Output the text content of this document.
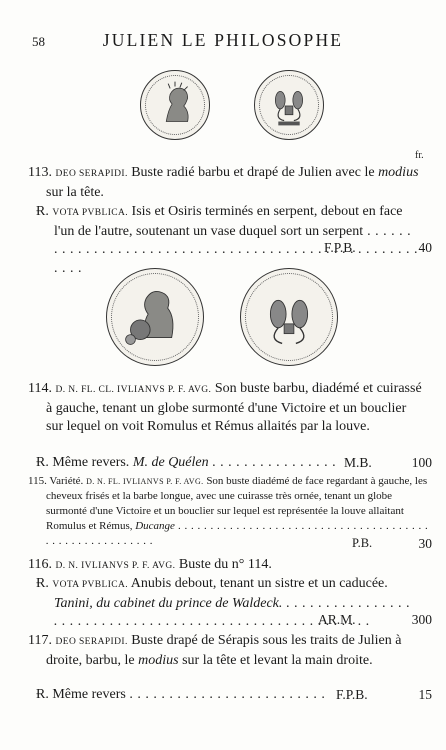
58	JULIEN LE PHILOSOPHE
fr.
113. DEO SERAPIDI. Buste radié barbu et drapé de Julien avec le modius sur la tête.
Ɍ. VOTA PVBLICA. Isis et Osiris terminés en serpent, debout en face l'un de l'autre, soutenant un vase duquel sort un serpent . . .
F.P.B.	40
114. D. N. FL. CL. IVLIANVS P. F. AVG. Son buste barbu, diadémé et cuirassé à gauche, tenant un globe surmonté d'une Victoire et un bouclier sur lequel on voit Romulus et Rémus allaités par la louve.
Ɍ. Même revers. M. de Quélen . . .	M.B.	100
115. Variété. D. N. FL. IVLIANVS P. F. AVG. Son buste diadémé de face regardant à gauche, les cheveux frisés et la barbe longue, avec une cuirasse très ornée, tenant un globe surmonté d'une Victoire et un bouclier sur lequel est représentée la louve allaitant Romulus et Rémus, Ducange . . .
P.B.	30
116. D. N. IVLIANVS P. F. AVG. Buste du n° 114.
Ɍ. VOTA PVBLICA. Anubis debout, tenant un sistre et un caducée. Tanini, du cabinet du prince de Waldeck. . . .
AR.M.	300
117. DEO SERAPIDI. Buste drapé de Sérapis sous les traits de Julien à droite, barbu, le modius sur la tête et levant la main droite.
Ɍ. Même revers . . .	F.P.B.	15
